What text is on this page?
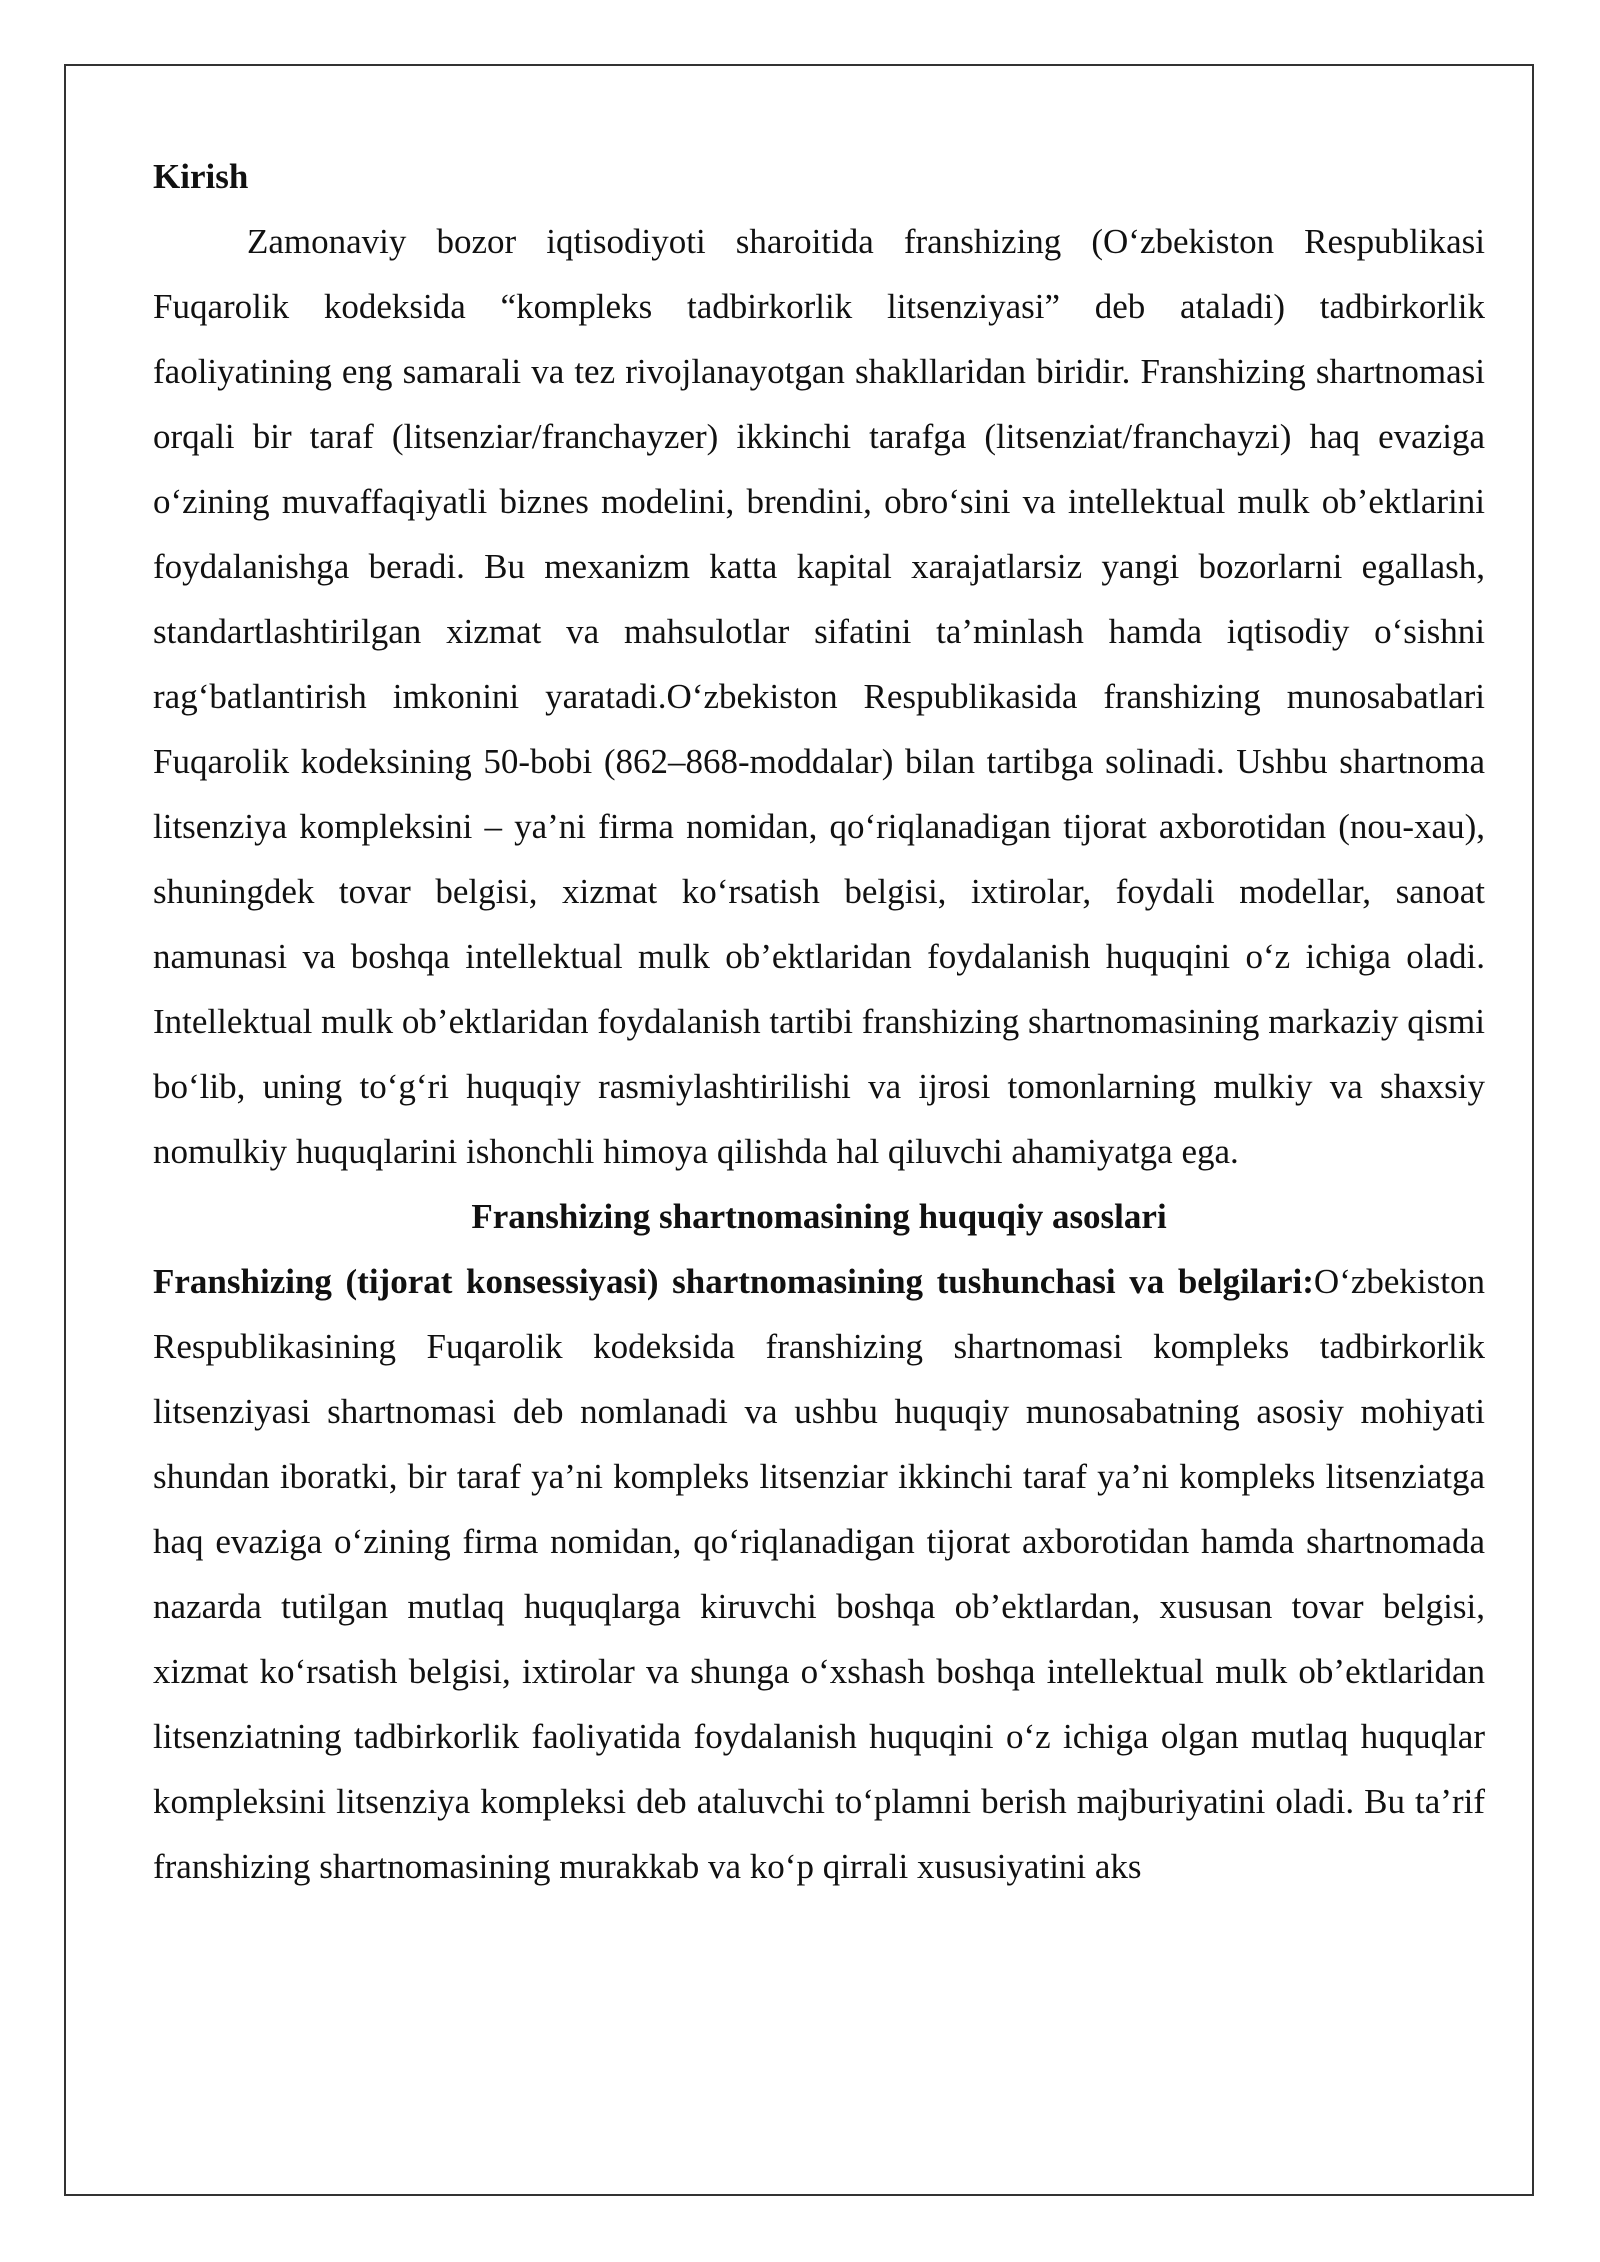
Kirish

Zamonaviy bozor iqtisodiyoti sharoitida franshizing (O‘zbekiston Respublikasi Fuqarolik kodeksida “kompleks tadbirkorlik litsenziyasi” deb ataladi) tadbirkorlik faoliyatining eng samarali va tez rivojlanayotgan shakllaridan biridir. Franshizing shartnomasi orqali bir taraf (litsenziar/franchayzer) ikkinchi tarafga (litsenziat/franchayzi) haq evaziga o‘zining muvaffaqiyatli biznes modelini, brendini, obro‘sini va intellektual mulk ob’ektlarini foydalanishga beradi. Bu mexanizm katta kapital xarajatlarsiz yangi bozorlarni egallash, standartlashtirilgan xizmat va mahsulotlar sifatini ta’minlash hamda iqtisodiy o‘sishni rag‘batlantirish imkonini yaratadi.O‘zbekiston Respublikasida franshizing munosabatlari Fuqarolik kodeksining 50-bobi (862–868-moddalar) bilan tartibga solinadi. Ushbu shartnoma litsenziya kompleksini – ya’ni firma nomidan, qo‘riqlanadigan tijorat axborotidan (nou-xau), shuningdek tovar belgisi, xizmat ko‘rsatish belgisi, ixtirolar, foydali modellar, sanoat namunasi va boshqa intellektual mulk ob’ektlaridan foydalanish huquqini o‘z ichiga oladi. Intellektual mulk ob’ektlaridan foydalanish tartibi franshizing shartnomasining markaziy qismi bo‘lib, uning to‘g‘ri huquqiy rasmiylashtirilishi va ijrosi tomonlarning mulkiy va shaxsiy nomulkiy huquqlarini ishonchli himoya qilishda hal qiluvchi ahamiyatga ega.

Franshizing shartnomasining huquqiy asoslari

Franshizing (tijorat konsessiyasi) shartnomasining tushunchasi va belgilari:O‘zbekiston Respublikasining Fuqarolik kodeksida franshizing shartnomasi kompleks tadbirkorlik litsenziyasi shartnomasi deb nomlanadi va ushbu huquqiy munosabatning asosiy mohiyati shundan iboratki, bir taraf ya’ni kompleks litsenziar ikkinchi taraf ya’ni kompleks litsenziatga haq evaziga o‘zining firma nomidan, qo‘riqlanadigan tijorat axborotidan hamda shartnomada nazarda tutilgan mutlaq huquqlarga kiruvchi boshqa ob’ektlardan, xususan tovar belgisi, xizmat ko‘rsatish belgisi, ixtirolar va shunga o‘xshash boshqa intellektual mulk ob’ektlaridan litsenziatning tadbirkorlik faoliyatida foydalanish huquqini o‘z ichiga olgan mutlaq huquqlar kompleksini litsenziya kompleksi deb ataluvchi to‘plamni berish majburiyatini oladi. Bu ta’rif franshizing shartnomasining murakkab va ko‘p qirrali xususiyatini aks
